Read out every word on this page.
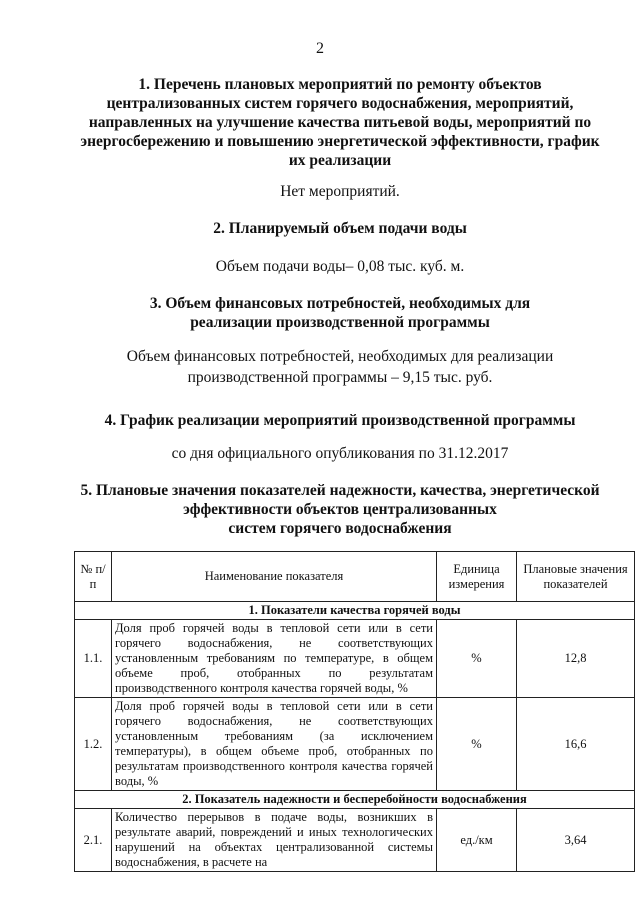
2
1. Перечень плановых мероприятий по ремонту объектов
централизованных систем горячего водоснабжения, мероприятий,
направленных на улучшение качества питьевой воды, мероприятий по
энергосбережению и повышению энергетической эффективности, график
их реализации

Нет мероприятий.

2. Планируемый объем подачи воды

Объем подачи воды– 0,08 тыс. куб. м.

3. Объем финансовых потребностей, необходимых для
реализации производственной программы

Объем финансовых потребностей, необходимых для реализации
производственной программы – 9,15 тыс. руб.

4. График реализации мероприятий производственной программы

со дня официального опубликования по 31.12.2017

5. Плановые значения показателей надежности, качества, энергетической
эффективности объектов централизованных
систем горячего водоснабжения
№ п/п	Наименование показателя	Единица измерения	Плановые значения показателей
1. Показатели качества горячей воды			
1.1.	Доля проб горячей воды в тепловой сети или в сети горячего водоснабжения, не соответствующих установленным требованиям по температуре, в общем объеме проб, отобранных по результатам производственного контроля качества горячей воды, %	%	12,8
1.2.	Доля проб горячей воды в тепловой сети или в сети горячего водоснабжения, не соответствующих установленным требованиям (за исключением температуры), в общем объеме проб, отобранных по результатам производственного контроля качества горячей воды, %	%	16,6
2. Показатель надежности и бесперебойности водоснабжения			
2.1.	Количество перерывов в подаче воды, возникших в результате аварий, повреждений и иных технологических нарушений на объектах централизованной системы водоснабжения, в расчете на	ед./км	3,64
